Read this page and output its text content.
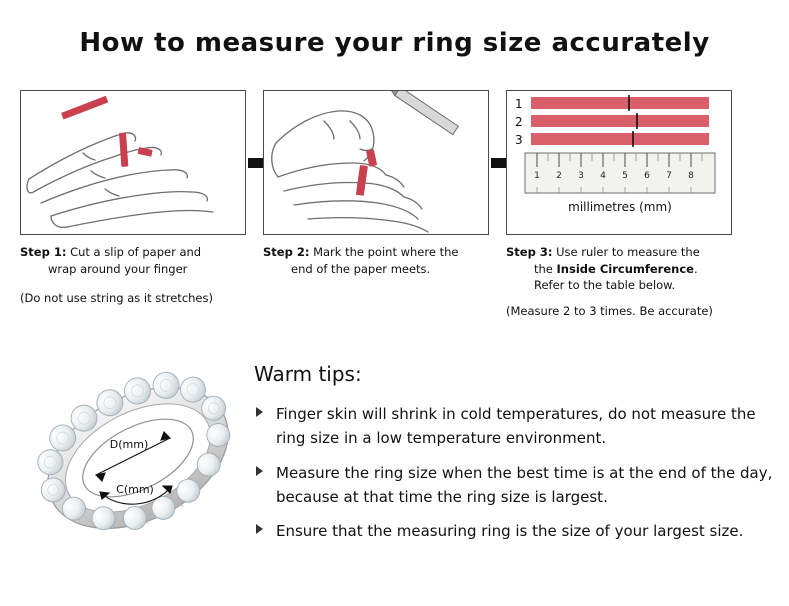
How to measure your ring size accurately
Step 1: Cut a slip of paper and
wrap around your finger
(Do not use string as it stretches)
Step 2: Mark the point where the
end of the paper meets.
1
2
3
1 2 3 4 5 6 7 8
millimetres (mm)
Step 3: Use ruler to measure the
the Inside Circumference.
Refer to the table below.
(Measure 2 to 3 times. Be accurate)
D(mm)
C(mm)
Warm tips:
Finger skin will shrink in cold temperatures, do not measure the ring size in a low temperature environment.
Measure the ring size when the best time is at the end of the day, because at that time the ring size is largest.
Ensure that the measuring ring is the size of your largest size.
